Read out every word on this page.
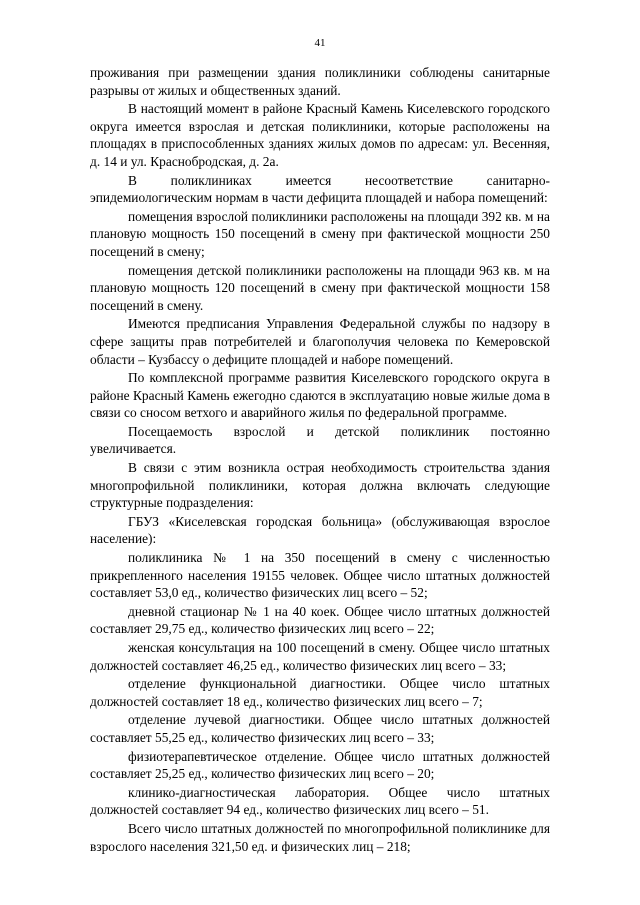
41

проживания при размещении здания поликлиники соблюдены санитарные разрывы от жилых и общественных зданий.

В настоящий момент в районе Красный Камень Киселевского городского округа имеется взрослая и детская поликлиники, которые расположены на площадях в приспособленных зданиях жилых домов по адресам: ул. Весенняя, д. 14 и ул. Краснобродская, д. 2а.

В поликлиниках имеется несоответствие санитарно-эпидемиологическим нормам в части дефицита площадей и набора помещений:

помещения взрослой поликлиники расположены на площади 392 кв. м на плановую мощность 150 посещений в смену при фактической мощности 250 посещений в смену;

помещения детской поликлиники расположены на площади 963 кв. м на плановую мощность 120 посещений в смену при фактической мощности 158 посещений в смену.

Имеются предписания Управления Федеральной службы по надзору в сфере защиты прав потребителей и благополучия человека по Кемеровской области – Кузбассу о дефиците площадей и наборе помещений.

По комплексной программе развития Киселевского городского округа в районе Красный Камень ежегодно сдаются в эксплуатацию новые жилые дома в связи со сносом ветхого и аварийного жилья по федеральной программе.

Посещаемость взрослой и детской поликлиник постоянно увеличивается.

В связи с этим возникла острая необходимость строительства здания многопрофильной поликлиники, которая должна включать следующие структурные подразделения:

ГБУЗ «Киселевская городская больница» (обслуживающая взрослое население):

поликлиника № 1 на 350 посещений в смену с численностью прикрепленного населения 19155 человек. Общее число штатных должностей составляет 53,0 ед., количество физических лиц всего – 52;

дневной стационар № 1 на 40 коек. Общее число штатных должностей составляет 29,75 ед., количество физических лиц всего – 22;

женская консультация на 100 посещений в смену. Общее число штатных должностей составляет 46,25 ед., количество физических лиц всего – 33;

отделение функциональной диагностики. Общее число штатных должностей составляет 18 ед., количество физических лиц всего – 7;

отделение лучевой диагностики. Общее число штатных должностей составляет 55,25 ед., количество физических лиц всего – 33;

физиотерапевтическое отделение. Общее число штатных должностей составляет 25,25 ед., количество физических лиц всего – 20;

клинико-диагностическая лаборатория. Общее число штатных должностей составляет 94 ед., количество физических лиц всего – 51.

Всего число штатных должностей по многопрофильной поликлинике для взрослого населения 321,50 ед. и физических лиц – 218;
